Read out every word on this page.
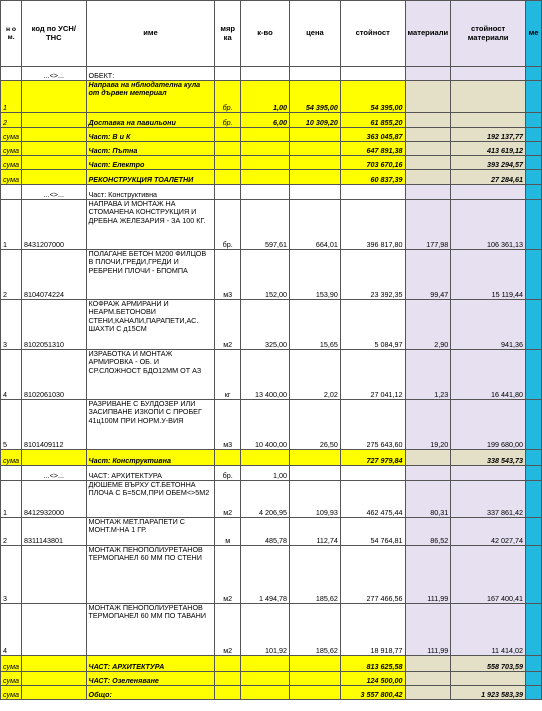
н о м.	код по УСН/ТНС	име	мяр ка	к-во	цена	стойност	материали	стойност материали	ме
	...<>...	ОБЕКТ:							
1		Направа на нблюдателна кула от дървен метериал	бр.	1,00	54 395,00	54 395,00			
2		Доставка на павильони	бр.	6,00	10 309,20	61 855,20			
сума		Част: В и К				363 045,87		192 137,77	
сума		Част: Пътна				647 891,38		413 619,12	
сума		Част: Електро				703 670,16		393 294,57	
сума		РЕКОНСТРУКЦИЯ ТОАЛЕТНИ				60 837,39		27 284,61	
	...<>...	Част: Конструктивна							
1	8431207000	НАПРАВА И МОНТАЖ НА СТОМАНЕНА КОНСТРУКЦИЯ И ДРЕБНА ЖЕЛЕЗАРИЯ - ЗА 100 КГ.	бр.	597,61	664,01	396 817,80	177,98	106 361,13	
2	8104074224	ПОЛАГАНЕ БЕТОН М200 ФИЛЦОВ В ПЛОЧИ,ГРЕДИ,ГРЕДИ И РЕБРЕНИ ПЛОЧИ - БПОМПА	м3	152,00	153,90	23 392,35	99,47	15 119,44	
3	8102051310	КОФРАЖ АРМИРАНИ И НЕАРМ.БЕТОНОВИ СТЕНИ,КАНАЛИ,ПАРАПЕТИ,АС. ШАХТИ С д15СМ	м2	325,00	15,65	5 084,97	2,90	941,36	
4	8102061030	ИЗРАБОТКА И МОНТАЖ АРМИРОВКА - ОБ. И СР.СЛОЖНОСТ БДО12ММ ОТ АЗ	кг	13 400,00	2,02	27 041,12	1,23	16 441,80	
5	8101409112	РАЗРИВАНЕ С БУЛДОЗЕР ИЛИ ЗАСИПВАНЕ ИЗКОПИ С ПРОБЕГ 41ц100М ПРИ НОРМ.У-ВИЯ	м3	10 400,00	26,50	275 643,60	19,20	199 680,00	
сума		Част: Конструктивна				727 979,84		338 543,73	
	...<>...	ЧАСТ: АРХИТЕКТУРА	бр.	1,00					
1	8412932000	ДЮШЕМЕ ВЪРХУ СТ.БЕТОННА ПЛОЧА С Б=5СМ,ПРИ ОБЕМ<>5М2	м2	4 206,95	109,93	462 475,44	80,31	337 861,42	
2	8311143801	МОНТАЖ МЕТ.ПАРАПЕТИ С МОНТ.М-НА 1 ГР.	м	485,78	112,74	54 764,81	86,52	42 027,74	
3		МОНТАЖ ПЕНОПОЛИУРЕТАНОВ ТЕРМОПАНЕЛ 60 ММ ПО СТЕНИ	м2	1 494,78	185,62	277 466,56	111,99	167 400,41	
4		МОНТАЖ ПЕНОПОЛИУРЕТАНОВ ТЕРМОПАНЕЛ 60 ММ ПО ТАВАНИ	м2	101,92	185,62	18 918,77	111,99	11 414,02	
сума		ЧАСТ: АРХИТЕКТУРА				813 625,58		558 703,59	
сума		ЧАСТ: Озеленяване				124 500,00			
сума		Общо:				3 557 800,42		1 923 583,39	
